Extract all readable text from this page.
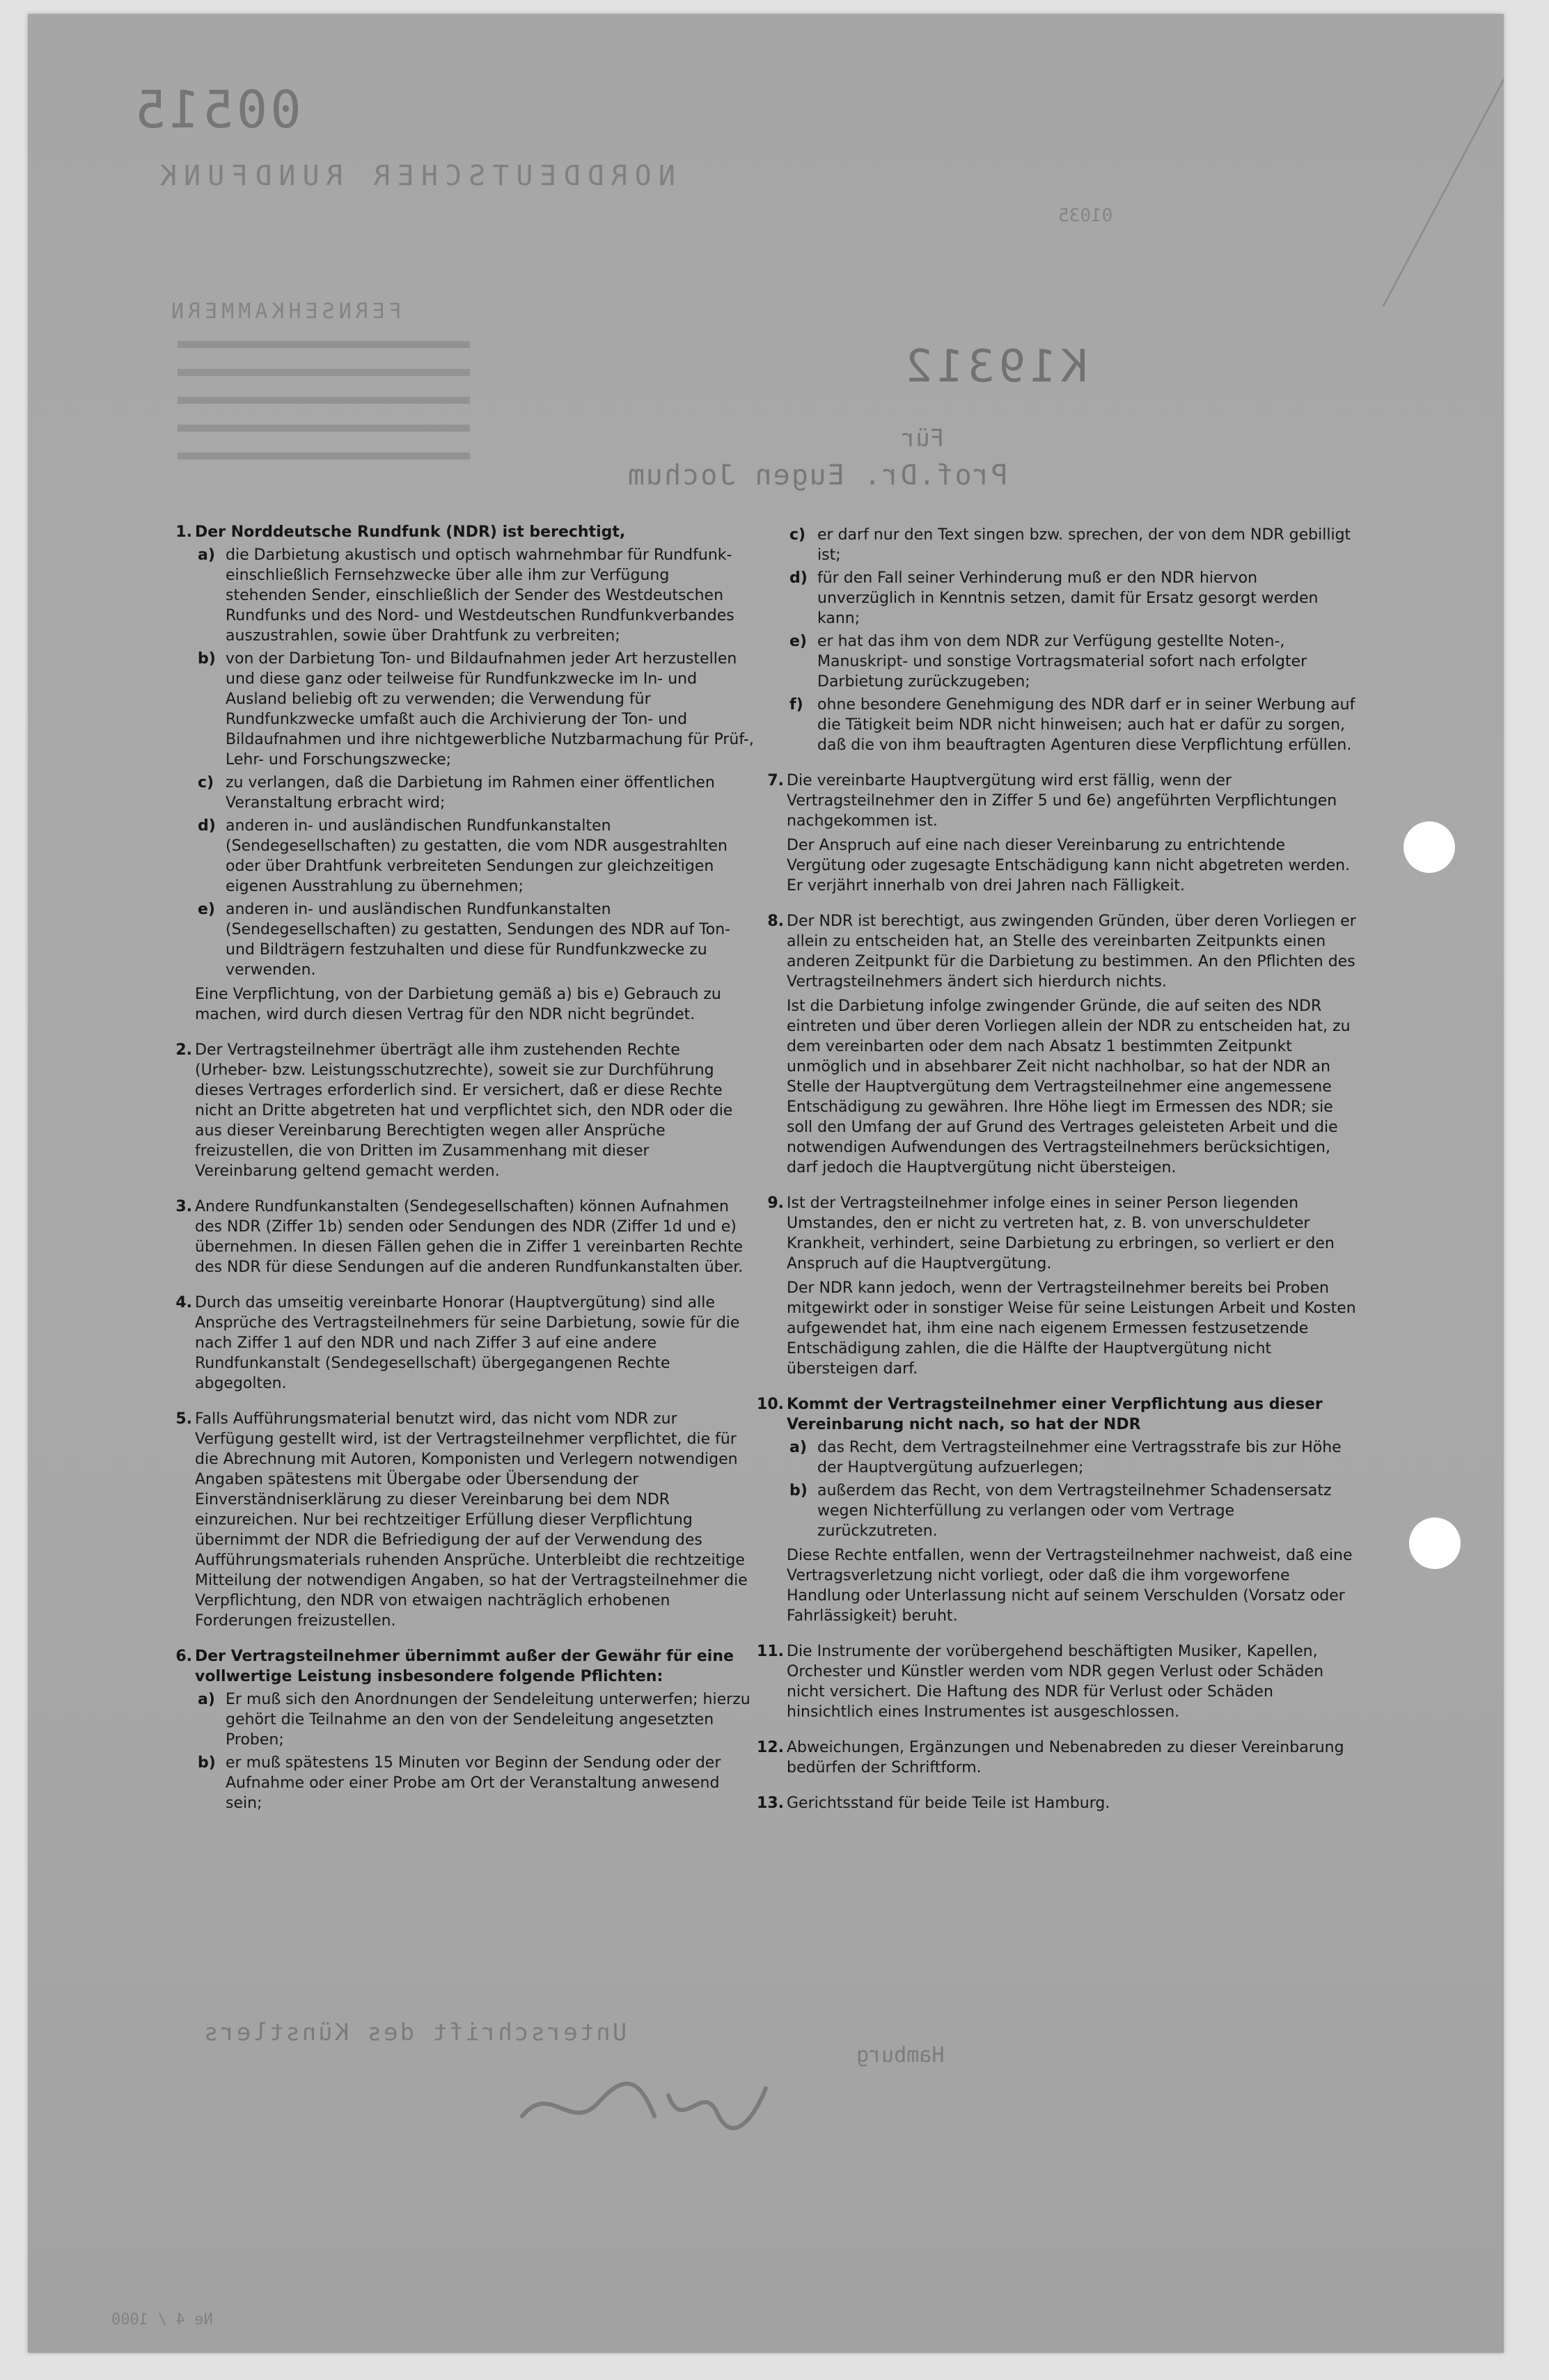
00515
NORDDEUTSCHER RUNDFUNK
01035
FERNSEHKAMMERN
K19312
Für
Prof.Dr. Eugen Jochum
Unterschrift des Künstlers
Hamburg
Ne 4 / 1000
1. Der Norddeutsche Rundfunk (NDR) ist berechtigt,
a) die Darbietung akustisch und optisch wahrnehmbar für Rundfunk- einschließlich Fernsehzwecke über alle ihm zur Verfügung stehenden Sender, einschließlich der Sender des Westdeutschen Rundfunks und des Nord- und Westdeutschen Rundfunkverbandes auszustrahlen, sowie über Drahtfunk zu verbreiten;
b) von der Darbietung Ton- und Bildaufnahmen jeder Art herzustellen und diese ganz oder teilweise für Rundfunkzwecke im In- und Ausland beliebig oft zu verwenden; die Verwendung für Rundfunkzwecke umfaßt auch die Archivierung der Ton- und Bildaufnahmen und ihre nichtgewerbliche Nutzbarmachung für Prüf-, Lehr- und Forschungszwecke;
c) zu verlangen, daß die Darbietung im Rahmen einer öffentlichen Veranstaltung erbracht wird;
d) anderen in- und ausländischen Rundfunkanstalten (Sendegesellschaften) zu gestatten, die vom NDR ausgestrahlten oder über Drahtfunk verbreiteten Sendungen zur gleichzeitigen eigenen Ausstrahlung zu übernehmen;
e) anderen in- und ausländischen Rundfunkanstalten (Sendegesellschaften) zu gestatten, Sendungen des NDR auf Ton- und Bildträgern festzuhalten und diese für Rundfunkzwecke zu verwenden.
Eine Verpflichtung, von der Darbietung gemäß a) bis e) Gebrauch zu machen, wird durch diesen Vertrag für den NDR nicht begründet.
2. Der Vertragsteilnehmer überträgt alle ihm zustehenden Rechte (Urheber- bzw. Leistungsschutzrechte), soweit sie zur Durchführung dieses Vertrages erforderlich sind. Er versichert, daß er diese Rechte nicht an Dritte abgetreten hat und verpflichtet sich, den NDR oder die aus dieser Vereinbarung Berechtigten wegen aller Ansprüche freizustellen, die von Dritten im Zusammenhang mit dieser Vereinbarung geltend gemacht werden.
3. Andere Rundfunkanstalten (Sendegesellschaften) können Aufnahmen des NDR (Ziffer 1b) senden oder Sendungen des NDR (Ziffer 1d und e) übernehmen. In diesen Fällen gehen die in Ziffer 1 vereinbarten Rechte des NDR für diese Sendungen auf die anderen Rundfunkanstalten über.
4. Durch das umseitig vereinbarte Honorar (Hauptvergütung) sind alle Ansprüche des Vertragsteilnehmers für seine Darbietung, sowie für die nach Ziffer 1 auf den NDR und nach Ziffer 3 auf eine andere Rundfunkanstalt (Sendegesellschaft) übergegangenen Rechte abgegolten.
5. Falls Aufführungsmaterial benutzt wird, das nicht vom NDR zur Verfügung gestellt wird, ist der Vertragsteilnehmer verpflichtet, die für die Abrechnung mit Autoren, Komponisten und Verlegern notwendigen Angaben spätestens mit Übergabe oder Übersendung der Einverständniserklärung zu dieser Vereinbarung bei dem NDR einzureichen. Nur bei rechtzeitiger Erfüllung dieser Verpflichtung übernimmt der NDR die Befriedigung der auf der Verwendung des Aufführungsmaterials ruhenden Ansprüche. Unterbleibt die rechtzeitige Mitteilung der notwendigen Angaben, so hat der Vertragsteilnehmer die Verpflichtung, den NDR von etwaigen nachträglich erhobenen Forderungen freizustellen.
6. Der Vertragsteilnehmer übernimmt außer der Gewähr für eine vollwertige Leistung insbesondere folgende Pflichten:
a) Er muß sich den Anordnungen der Sendeleitung unterwerfen; hierzu gehört die Teilnahme an den von der Sendeleitung angesetzten Proben;
b) er muß spätestens 15 Minuten vor Beginn der Sendung oder der Aufnahme oder einer Probe am Ort der Veranstaltung anwesend sein;
c) er darf nur den Text singen bzw. sprechen, der von dem NDR gebilligt ist;
d) für den Fall seiner Verhinderung muß er den NDR hiervon unverzüglich in Kenntnis setzen, damit für Ersatz gesorgt werden kann;
e) er hat das ihm von dem NDR zur Verfügung gestellte Noten-, Manuskript- und sonstige Vortragsmaterial sofort nach erfolgter Darbietung zurückzugeben;
f) ohne besondere Genehmigung des NDR darf er in seiner Werbung auf die Tätigkeit beim NDR nicht hinweisen; auch hat er dafür zu sorgen, daß die von ihm beauftragten Agenturen diese Verpflichtung erfüllen.
7. Die vereinbarte Hauptvergütung wird erst fällig, wenn der Vertragsteilnehmer den in Ziffer 5 und 6e) angeführten Verpflichtungen nachgekommen ist.
Der Anspruch auf eine nach dieser Vereinbarung zu entrichtende Vergütung oder zugesagte Entschädigung kann nicht abgetreten werden. Er verjährt innerhalb von drei Jahren nach Fälligkeit.
8. Der NDR ist berechtigt, aus zwingenden Gründen, über deren Vorliegen er allein zu entscheiden hat, an Stelle des vereinbarten Zeitpunkts einen anderen Zeitpunkt für die Darbietung zu bestimmen. An den Pflichten des Vertragsteilnehmers ändert sich hierdurch nichts.
Ist die Darbietung infolge zwingender Gründe, die auf seiten des NDR eintreten und über deren Vorliegen allein der NDR zu entscheiden hat, zu dem vereinbarten oder dem nach Absatz 1 bestimmten Zeitpunkt unmöglich und in absehbarer Zeit nicht nachholbar, so hat der NDR an Stelle der Hauptvergütung dem Vertragsteilnehmer eine angemessene Entschädigung zu gewähren. Ihre Höhe liegt im Ermessen des NDR; sie soll den Umfang der auf Grund des Vertrages geleisteten Arbeit und die notwendigen Aufwendungen des Vertragsteilnehmers berücksichtigen, darf jedoch die Hauptvergütung nicht übersteigen.
9. Ist der Vertragsteilnehmer infolge eines in seiner Person liegenden Umstandes, den er nicht zu vertreten hat, z. B. von unverschuldeter Krankheit, verhindert, seine Darbietung zu erbringen, so verliert er den Anspruch auf die Hauptvergütung.
Der NDR kann jedoch, wenn der Vertragsteilnehmer bereits bei Proben mitgewirkt oder in sonstiger Weise für seine Leistungen Arbeit und Kosten aufgewendet hat, ihm eine nach eigenem Ermessen festzusetzende Entschädigung zahlen, die die Hälfte der Hauptvergütung nicht übersteigen darf.
10. Kommt der Vertragsteilnehmer einer Verpflichtung aus dieser Vereinbarung nicht nach, so hat der NDR
a) das Recht, dem Vertragsteilnehmer eine Vertragsstrafe bis zur Höhe der Hauptvergütung aufzuerlegen;
b) außerdem das Recht, von dem Vertragsteilnehmer Schadensersatz wegen Nichterfüllung zu verlangen oder vom Vertrage zurückzutreten.
Diese Rechte entfallen, wenn der Vertragsteilnehmer nachweist, daß eine Vertragsverletzung nicht vorliegt, oder daß die ihm vorgeworfene Handlung oder Unterlassung nicht auf seinem Verschulden (Vorsatz oder Fahrlässigkeit) beruht.
11. Die Instrumente der vorübergehend beschäftigten Musiker, Kapellen, Orchester und Künstler werden vom NDR gegen Verlust oder Schäden nicht versichert. Die Haftung des NDR für Verlust oder Schäden hinsichtlich eines Instrumentes ist ausgeschlossen.
12. Abweichungen, Ergänzungen und Nebenabreden zu dieser Vereinbarung bedürfen der Schriftform.
13. Gerichtsstand für beide Teile ist Hamburg.
